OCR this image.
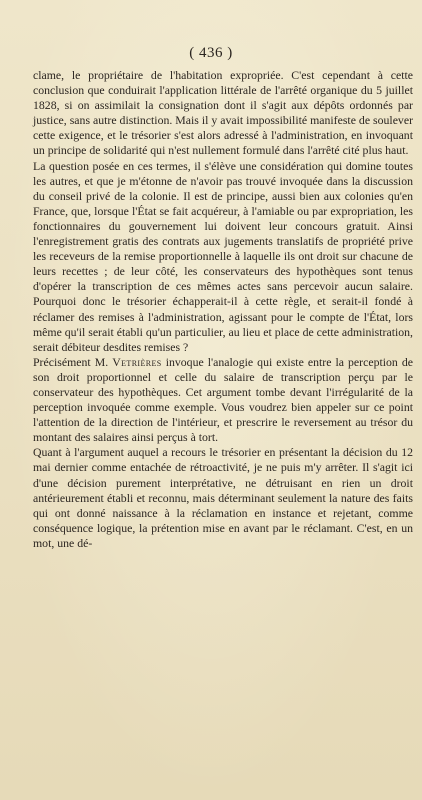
( 436 )

clame, le propriétaire de l'habitation expropriée. C'est cependant à cette conclusion que conduirait l'application littérale de l'arrêté organique du 5 juillet 1828, si on assimilait la consignation dont il s'agit aux dépôts ordonnés par justice, sans autre distinction. Mais il y avait impossibilité manifeste de soulever cette exigence, et le trésorier s'est alors adressé à l'administration, en invoquant un principe de solidarité qui n'est nullement formulé dans l'arrêté cité plus haut.

La question posée en ces termes, il s'élève une considération qui domine toutes les autres, et que je m'étonne de n'avoir pas trouvé invoquée dans la discussion du conseil privé de la colonie. Il est de principe, aussi bien aux colonies qu'en France, que, lorsque l'État se fait acquéreur, à l'amiable ou par expropriation, les fonctionnaires du gouvernement lui doivent leur concours gratuit. Ainsi l'enregistrement gratis des contrats aux jugements translatifs de propriété prive les receveurs de la remise proportionnelle à laquelle ils ont droit sur chacune de leurs recettes ; de leur côté, les conservateurs des hypothèques sont tenus d'opérer la transcription de ces mêmes actes sans percevoir aucun salaire. Pourquoi donc le trésorier échapperait-il à cette règle, et serait-il fondé à réclamer des remises à l'administration, agissant pour le compte de l'État, lors même qu'il serait établi qu'un particulier, au lieu et place de cette administration, serait débiteur desdites remises ?

Précisément M. Vetrières invoque l'analogie qui existe entre la perception de son droit proportionnel et celle du salaire de transcription perçu par le conservateur des hypothèques. Cet argument tombe devant l'irrégularité de la perception invoquée comme exemple. Vous voudrez bien appeler sur ce point l'attention de la direction de l'intérieur, et prescrire le reversement au trésor du montant des salaires ainsi perçus à tort.

Quant à l'argument auquel a recours le trésorier en présentant la décision du 12 mai dernier comme entachée de rétroactivité, je ne puis m'y arrêter. Il s'agit ici d'une décision purement interprétative, ne détruisant en rien un droit antérieurement établi et reconnu, mais déterminant seulement la nature des faits qui ont donné naissance à la réclamation en instance et rejetant, comme conséquence logique, la prétention mise en avant par le réclamant. C'est, en un mot, une dé-
